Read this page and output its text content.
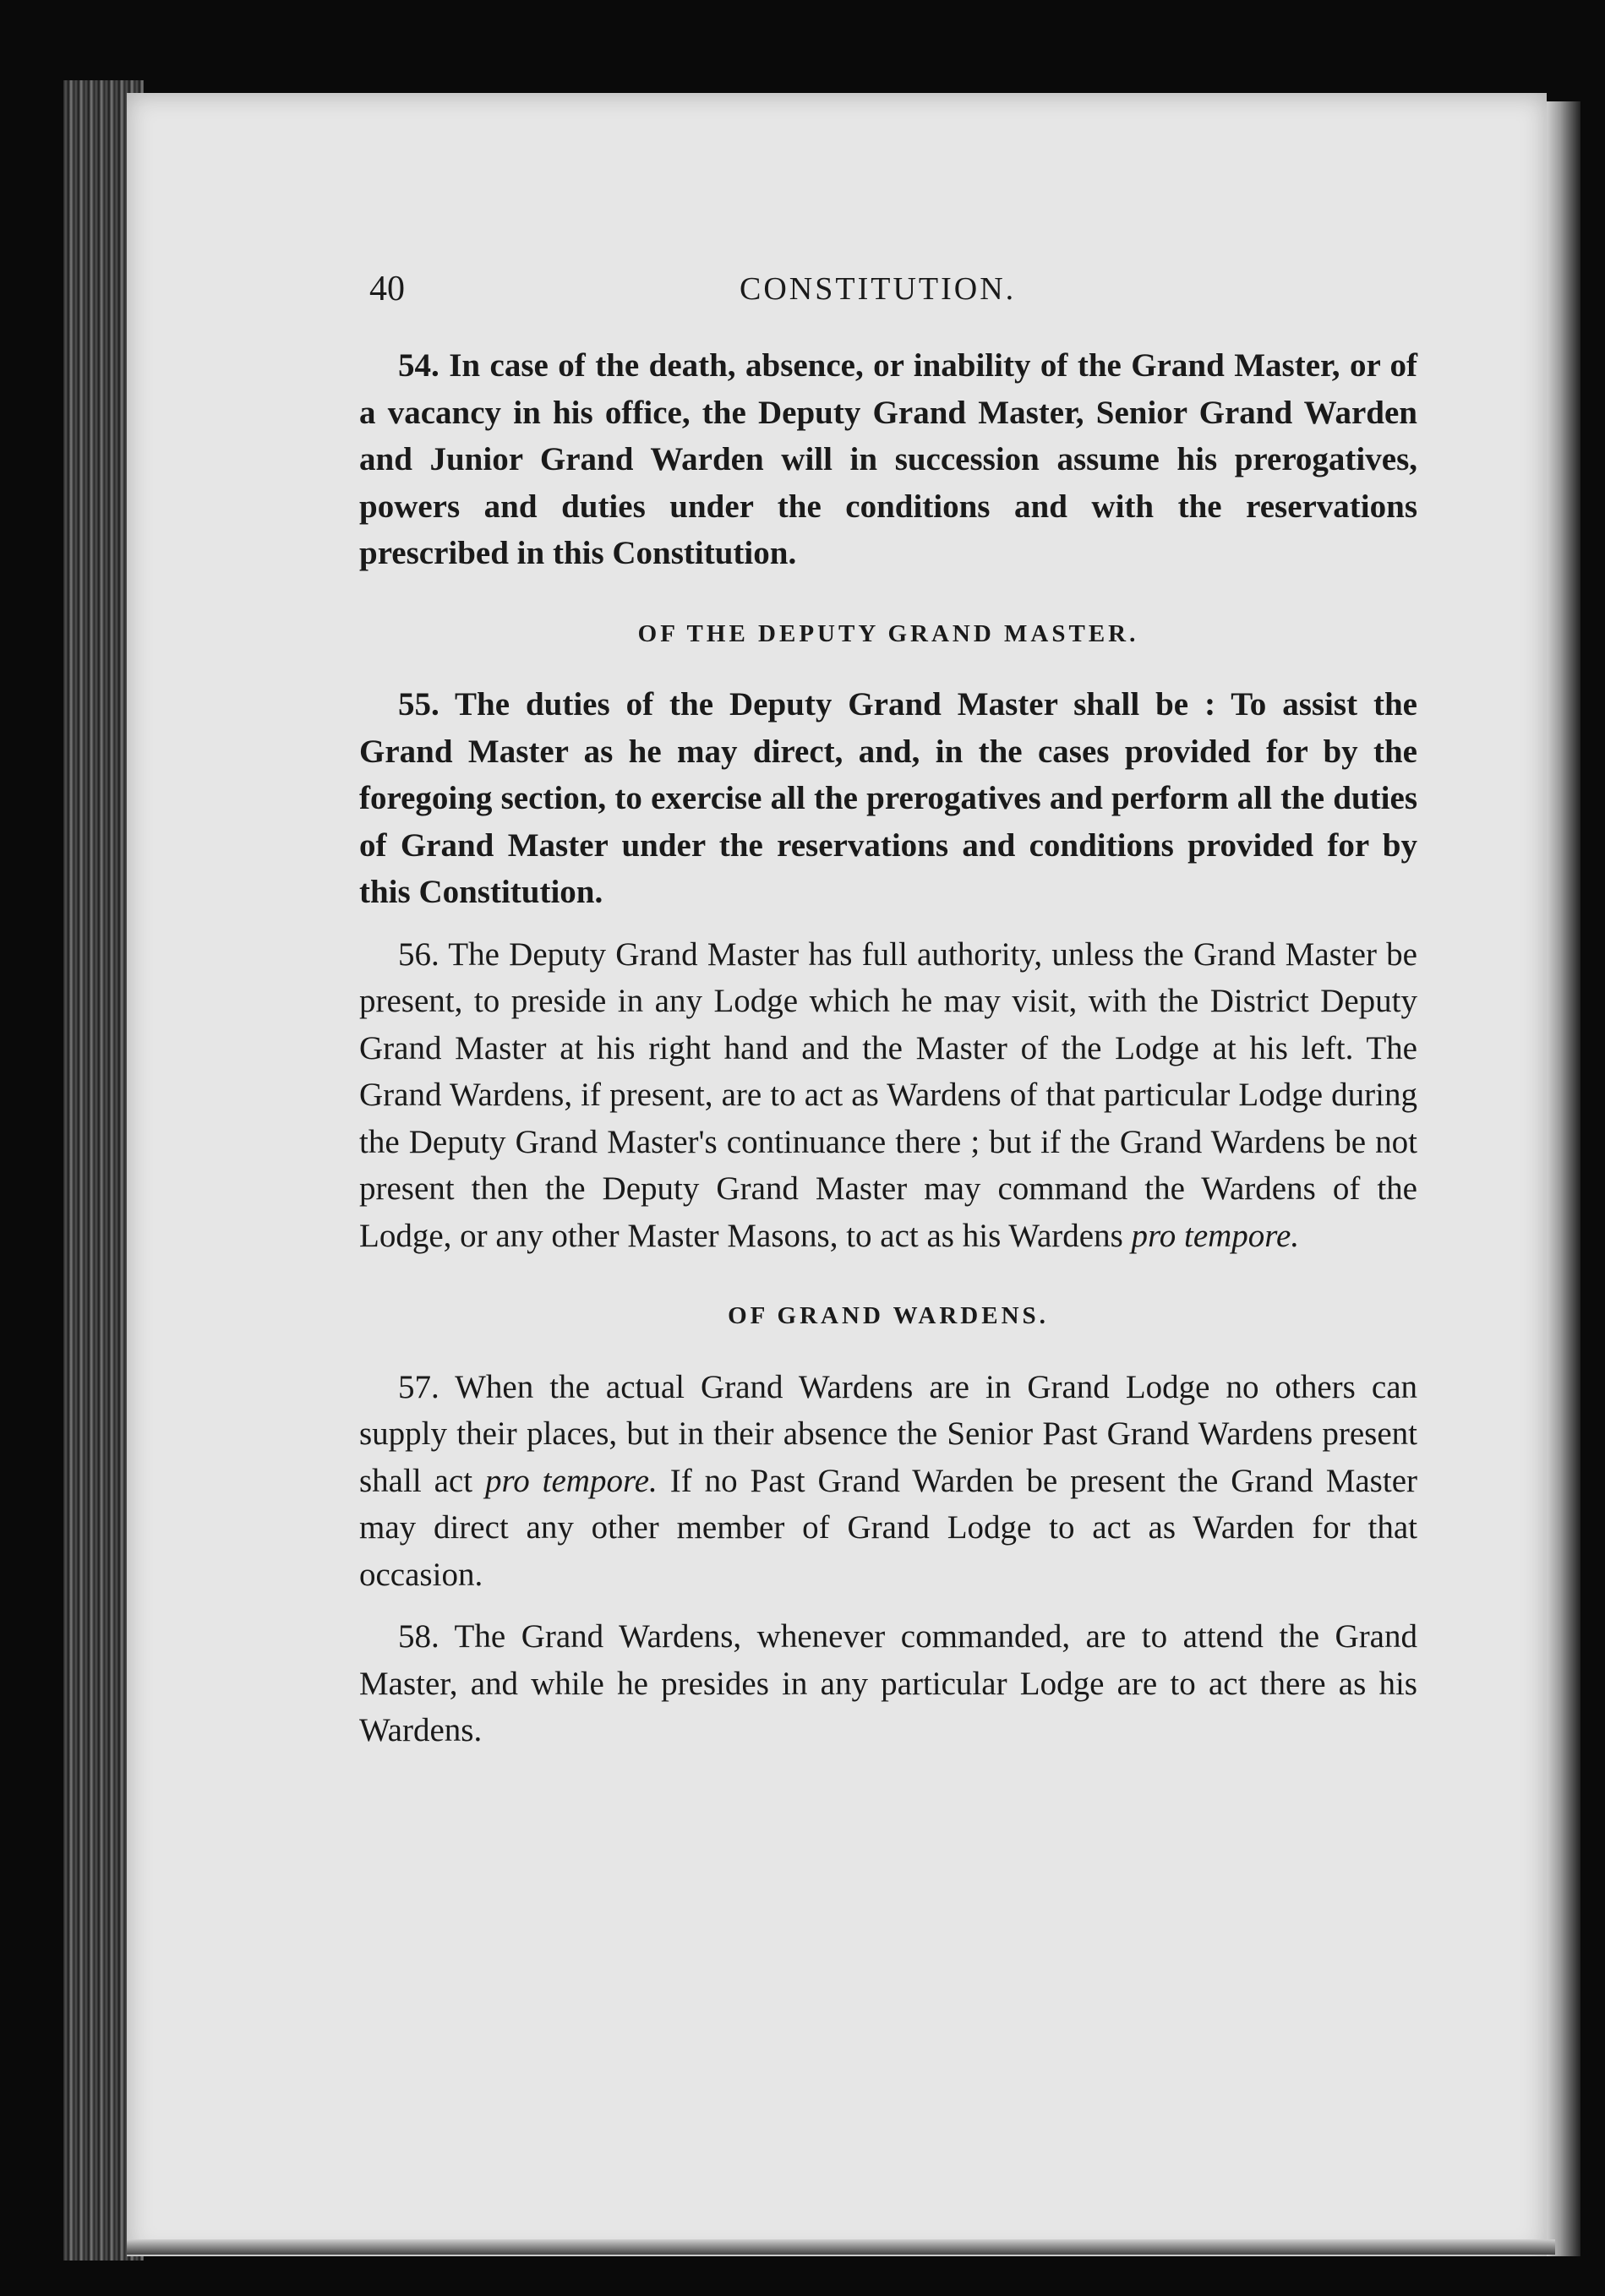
40	CONSTITUTION.

54. In case of the death, absence, or inability of the Grand Master, or of a vacancy in his office, the Deputy Grand Master, Senior Grand Warden and Junior Grand Warden will in succession assume his prerogatives, powers and duties under the conditions and with the reservations prescribed in this Constitution.

OF THE DEPUTY GRAND MASTER.

55. The duties of the Deputy Grand Master shall be : To assist the Grand Master as he may direct, and, in the cases provided for by the foregoing section, to exercise all the prerogatives and perform all the duties of Grand Master under the reservations and conditions provided for by this Constitution.

56. The Deputy Grand Master has full authority, unless the Grand Master be present, to preside in any Lodge which he may visit, with the District Deputy Grand Master at his right hand and the Master of the Lodge at his left. The Grand Wardens, if present, are to act as Wardens of that particular Lodge during the Deputy Grand Master's continuance there ; but if the Grand Wardens be not present then the Deputy Grand Master may command the Wardens of the Lodge, or any other Master Masons, to act as his Wardens pro tempore.

OF GRAND WARDENS.

57. When the actual Grand Wardens are in Grand Lodge no others can supply their places, but in their absence the Senior Past Grand Wardens present shall act pro tempore. If no Past Grand Warden be present the Grand Master may direct any other member of Grand Lodge to act as Warden for that occasion.

58. The Grand Wardens, whenever commanded, are to attend the Grand Master, and while he presides in any particular Lodge are to act there as his Wardens.
